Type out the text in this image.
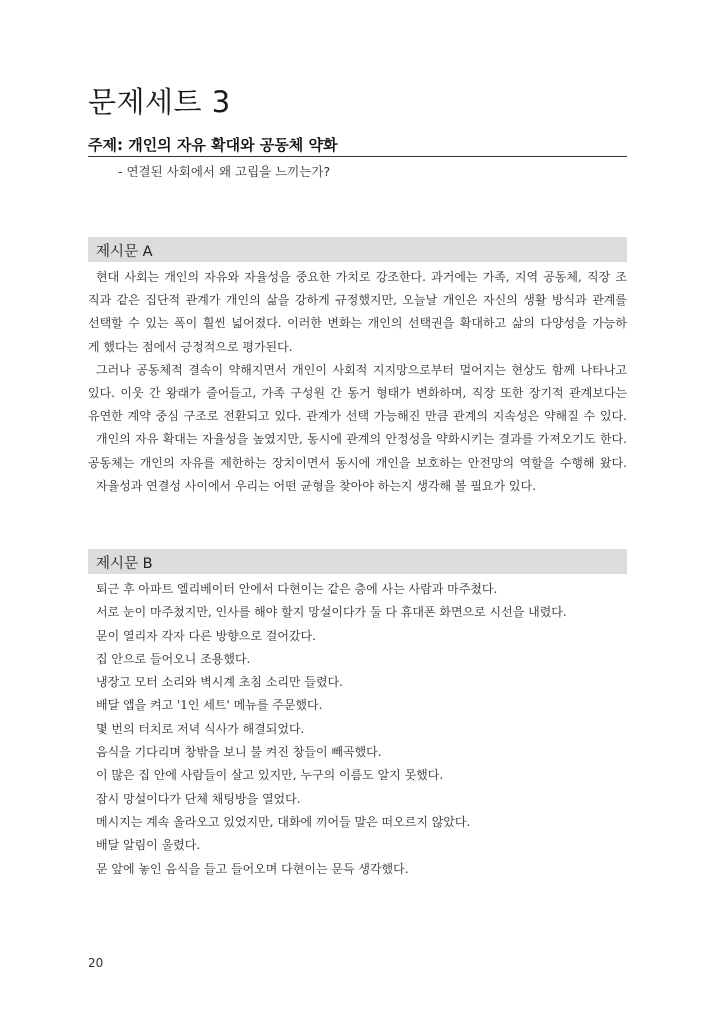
문제세트 3
주제: 개인의 자유 확대와 공동체 약화
- 연결된 사회에서 왜 고립을 느끼는가?
제시문 A
현대 사회는 개인의 자유와 자율성을 중요한 가치로 강조한다. 과거에는 가족, 지역 공동체, 직장 조
직과 같은 집단적 관계가 개인의 삶을 강하게 규정했지만, 오늘날 개인은 자신의 생활 방식과 관계를
선택할 수 있는 폭이 훨씬 넓어졌다. 이러한 변화는 개인의 선택권을 확대하고 삶의 다양성을 가능하
게 했다는 점에서 긍정적으로 평가된다.
그러나 공동체적 결속이 약해지면서 개인이 사회적 지지망으로부터 멀어지는 현상도 함께 나타나고
있다. 이웃 간 왕래가 줄어들고, 가족 구성원 간 동거 형태가 변화하며, 직장 또한 장기적 관계보다는
유연한 계약 중심 구조로 전환되고 있다. 관계가 선택 가능해진 만큼 관계의 지속성은 약해질 수 있다.
개인의 자유 확대는 자율성을 높였지만, 동시에 관계의 안정성을 약화시키는 결과를 가져오기도 한다.
공동체는 개인의 자유를 제한하는 장치이면서 동시에 개인을 보호하는 안전망의 역할을 수행해 왔다.
자율성과 연결성 사이에서 우리는 어떤 균형을 찾아야 하는지 생각해 볼 필요가 있다.
제시문 B
퇴근 후 아파트 엘리베이터 안에서 다현이는 같은 층에 사는 사람과 마주쳤다.
서로 눈이 마주쳤지만, 인사를 해야 할지 망설이다가 둘 다 휴대폰 화면으로 시선을 내렸다.
문이 열리자 각자 다른 방향으로 걸어갔다.
집 안으로 들어오니 조용했다.
냉장고 모터 소리와 벽시계 초침 소리만 들렸다.
배달 앱을 켜고 '1인 세트' 메뉴를 주문했다.
몇 번의 터치로 저녁 식사가 해결되었다.
음식을 기다리며 창밖을 보니 불 켜진 창들이 빼곡했다.
이 많은 집 안에 사람들이 살고 있지만, 누구의 이름도 알지 못했다.
잠시 망설이다가 단체 채팅방을 열었다.
메시지는 계속 올라오고 있었지만, 대화에 끼어들 말은 떠오르지 않았다.
배달 알림이 울렸다.
문 앞에 놓인 음식을 들고 들어오며 다현이는 문득 생각했다.
20
